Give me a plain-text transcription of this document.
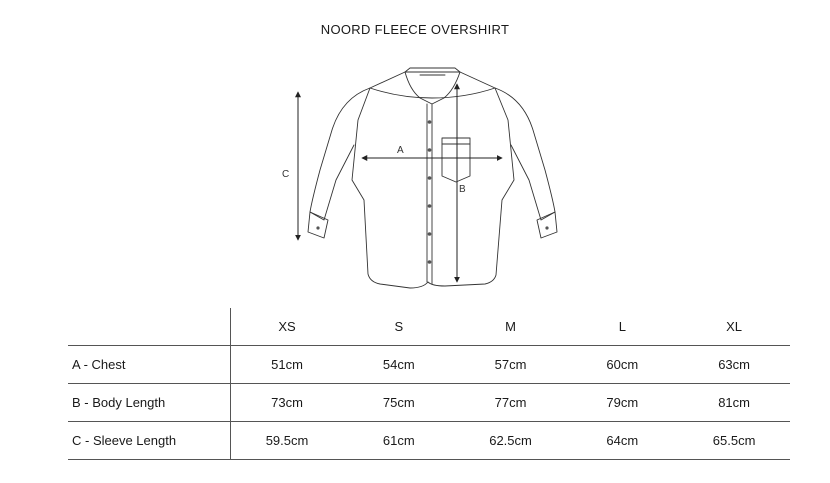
NOORD FLEECE OVERSHIRT
A
B
C
	XS	S	M	L	XL
A - Chest	51cm	54cm	57cm	60cm	63cm
B - Body Length	73cm	75cm	77cm	79cm	81cm
C - Sleeve Length	59.5cm	61cm	62.5cm	64cm	65.5cm
